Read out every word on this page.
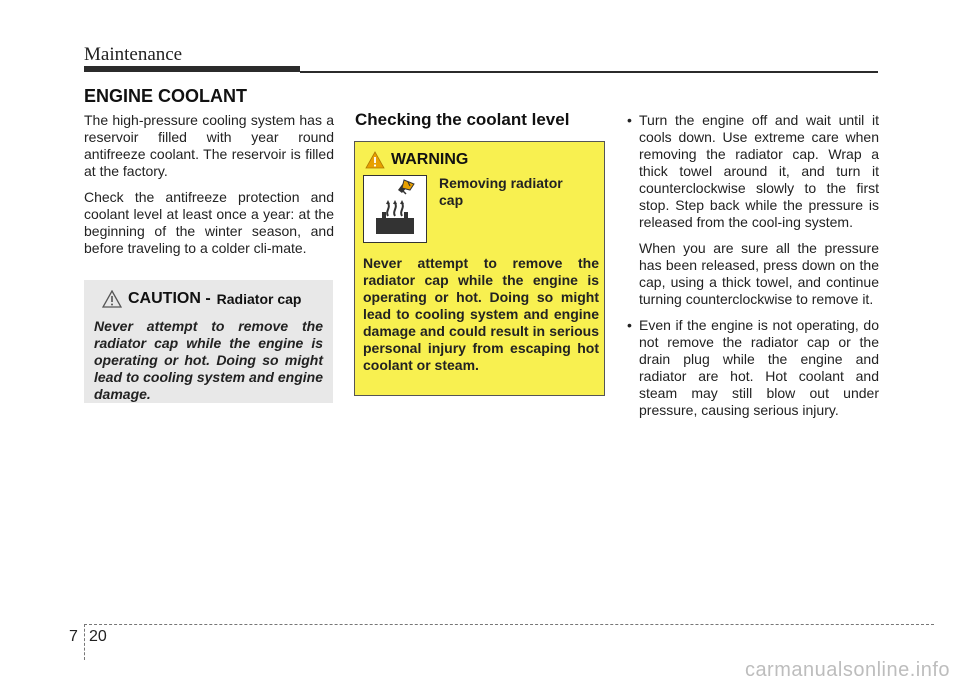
Maintenance
ENGINE COOLANT

The high-pressure cooling system has a reservoir filled with year round antifreeze coolant. The reservoir is filled at the factory.

Check the antifreeze protection and coolant level at least once a year: at the beginning of the winter season, and before traveling to a colder cli-mate.

CAUTION - Radiator cap
Never attempt to remove the radiator cap while the engine is operating or hot. Doing so might lead to cooling system and engine damage.
Checking the coolant level
WARNING
Removing radiator cap
Never attempt to remove the radiator cap while the engine is operating or hot. Doing so might lead to cooling system and engine damage and could result in serious personal injury from escaping hot coolant or steam.

• Turn the engine off and wait until it cools down. Use extreme care when removing the radiator cap. Wrap a thick towel around it, and turn it counterclockwise slowly to the first stop. Step back while the pressure is released from the cool-ing system.

When you are sure all the pressure has been released, press down on the cap, using a thick towel, and continue turning counterclockwise to remove it.

• Even if the engine is not operating, do not remove the radiator cap or the drain plug while the engine and radiator are hot. Hot coolant and steam may still blow out under pressure, causing serious injury.

7 20
carmanualsonline.info
